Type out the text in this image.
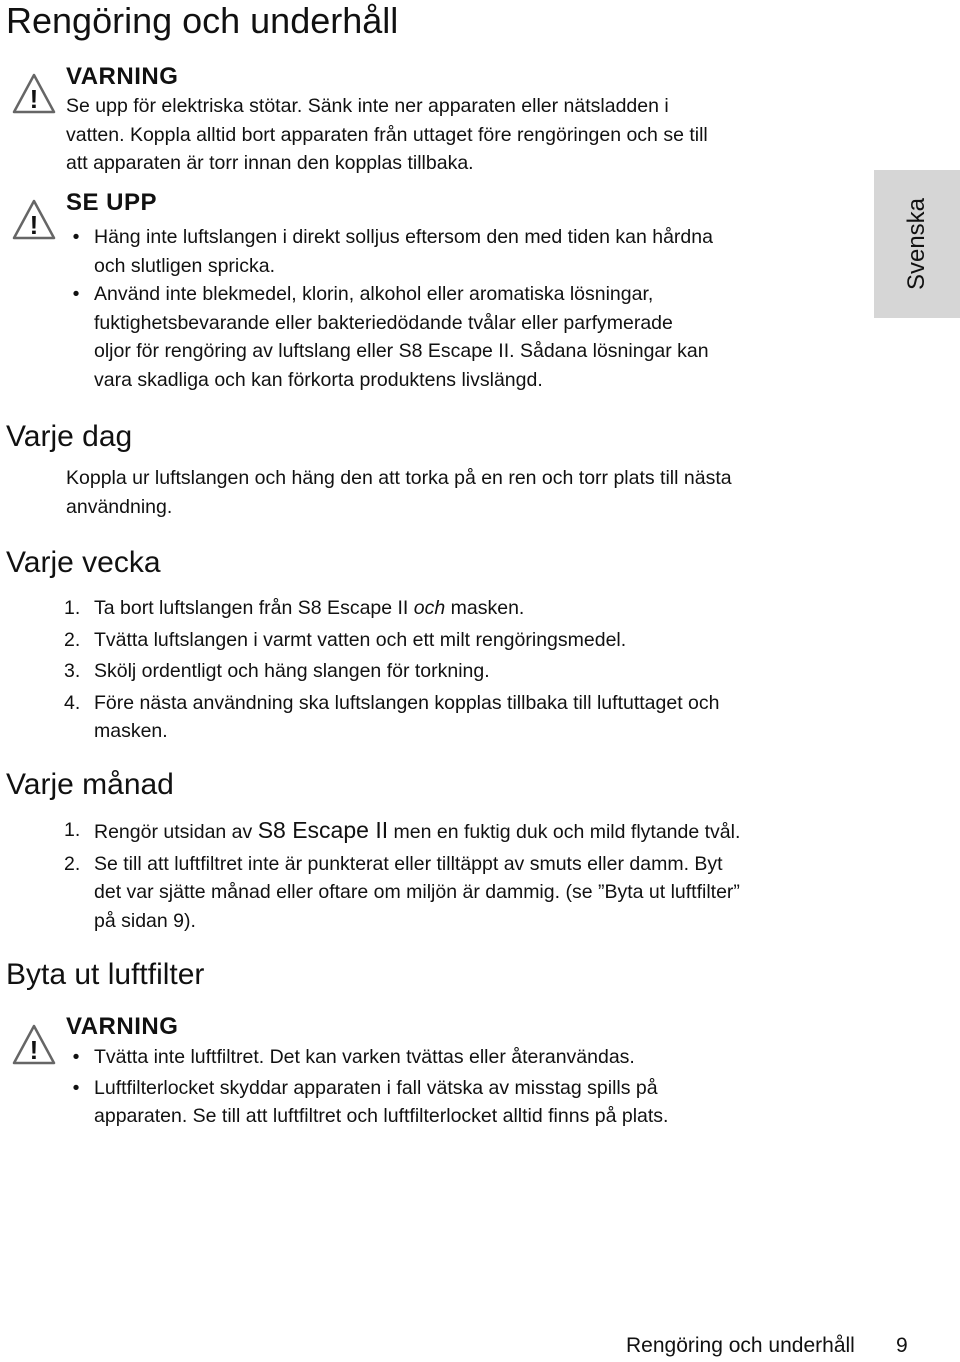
Rengöring och underhåll
Svenska
!
VARNING
Se upp för elektriska stötar. Sänk inte ner apparaten eller nätsladden i
vatten. Koppla alltid bort apparaten från uttaget före rengöringen och se till
att apparaten är torr innan den kopplas tillbaka.
!
SE UPP
• Häng inte luftslangen i direkt solljus eftersom den med tiden kan hårdna
och slutligen spricka.
• Använd inte blekmedel, klorin, alkohol eller aromatiska lösningar,
fuktighetsbevarande eller bakteriedödande tvålar eller parfymerade
oljor för rengöring av luftslang eller S8 Escape II. Sådana lösningar kan
vara skadliga och kan förkorta produktens livslängd.
Varje dag
Koppla ur luftslangen och häng den att torka på en ren och torr plats till nästa
användning.
Varje vecka
1. Ta bort luftslangen från S8 Escape II och masken.
2. Tvätta luftslangen i varmt vatten och ett milt rengöringsmedel.
3. Skölj ordentligt och häng slangen för torkning.
4. Före nästa användning ska luftslangen kopplas tillbaka till luftuttaget och
masken.
Varje månad
1. Rengör utsidan av S8 Escape II men en fuktig duk och mild flytande tvål.
2. Se till att luftfiltret inte är punkterat eller tilltäppt av smuts eller damm. Byt
det var sjätte månad eller oftare om miljön är dammig. (se ”Byta ut luftfilter”
på sidan 9).
Byta ut luftfilter
!
VARNING
• Tvätta inte luftfiltret. Det kan varken tvättas eller återanvändas.
• Luftfilterlocket skyddar apparaten i fall vätska av misstag spills på
apparaten. Se till att luftfiltret och luftfilterlocket alltid finns på plats.
Rengöring och underhåll 9
